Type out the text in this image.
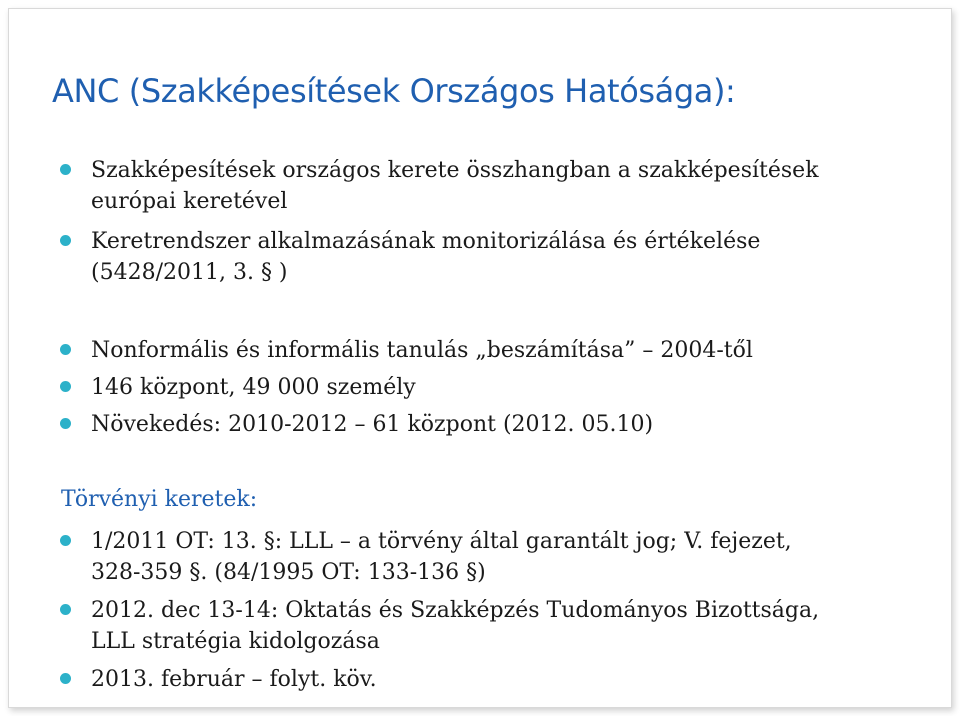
ANC (Szakképesítések Országos Hatósága):
Szakképesítések országos kerete összhangban a szakképesítések
európai keretével
Keretrendszer alkalmazásának monitorizálása és értékelése
(5428/2011, 3. § )
Nonformális és informális tanulás „beszámítása” – 2004-től
146 központ, 49 000 személy
Növekedés: 2010-2012 – 61 központ (2012. 05.10)
Törvényi keretek:
1/2011 OT: 13. §: LLL – a törvény által garantált jog; V. fejezet,
328-359 §. (84/1995 OT: 133-136 §)
2012. dec 13-14: Oktatás és Szakképzés Tudományos Bizottsága,
LLL stratégia kidolgozása
2013. február – folyt. köv.
